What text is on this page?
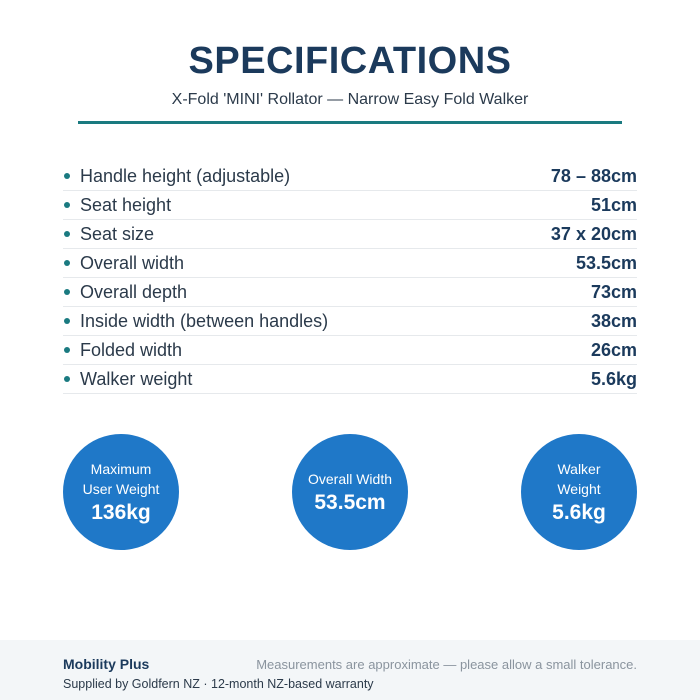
SPECIFICATIONS
X-Fold 'MINI' Rollator — Narrow Easy Fold Walker
Handle height (adjustable)	78 – 88cm
Seat height	51cm
Seat size	37 x 20cm
Overall width	53.5cm
Overall depth	73cm
Inside width (between handles)	38cm
Folded width	26cm
Walker weight	5.6kg
Maximum User Weight
136kg
Overall Width
53.5cm
Walker Weight
5.6kg
Mobility Plus	Measurements are approximate — please allow a small tolerance.
Supplied by Goldfern NZ · 12-month NZ-based warranty
